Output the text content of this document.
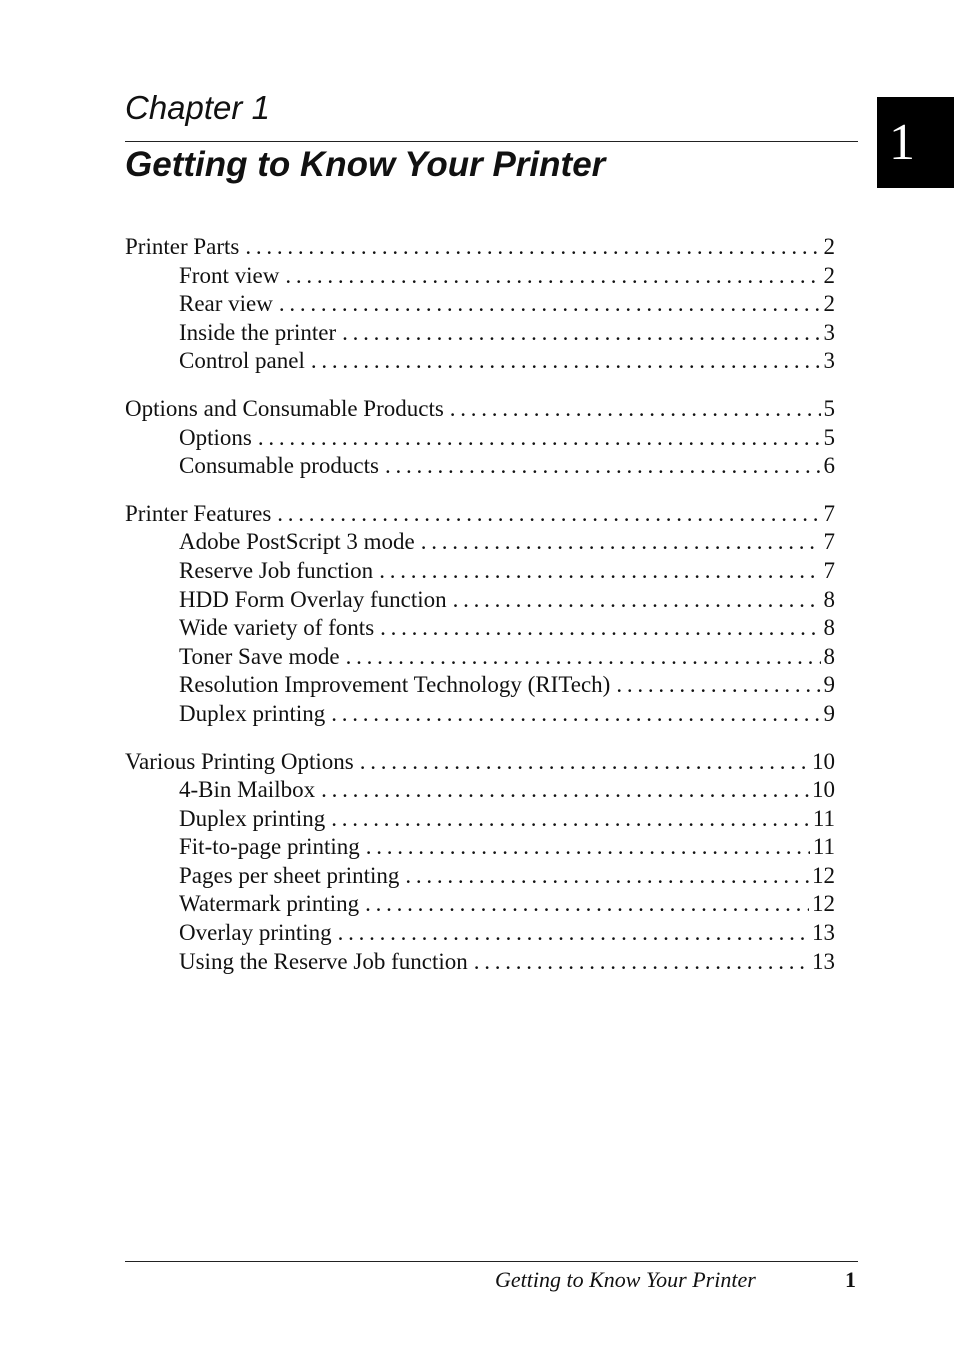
Chapter 1
Getting to Know Your Printer	1
Printer Parts . . .	2
Front view . . .	2
Rear view . . .	2
Inside the printer . . .	3
Control panel . . .	3
Options and Consumable Products . . .	5
Options . . .	5
Consumable products . . .	6
Printer Features . . .	7
Adobe PostScript 3 mode . . .	7
Reserve Job function . . .	7
HDD Form Overlay function . . .	8
Wide variety of fonts . . .	8
Toner Save mode . . .	8
Resolution Improvement Technology (RITech) . . .	9
Duplex printing . . .	9
Various Printing Options . . .	10
4-Bin Mailbox . . .	10
Duplex printing . . .	11
Fit-to-page printing . . .	11
Pages per sheet printing . . .	12
Watermark printing . . .	12
Overlay printing . . .	13
Using the Reserve Job function . . .	13
Getting to Know Your Printer	1
